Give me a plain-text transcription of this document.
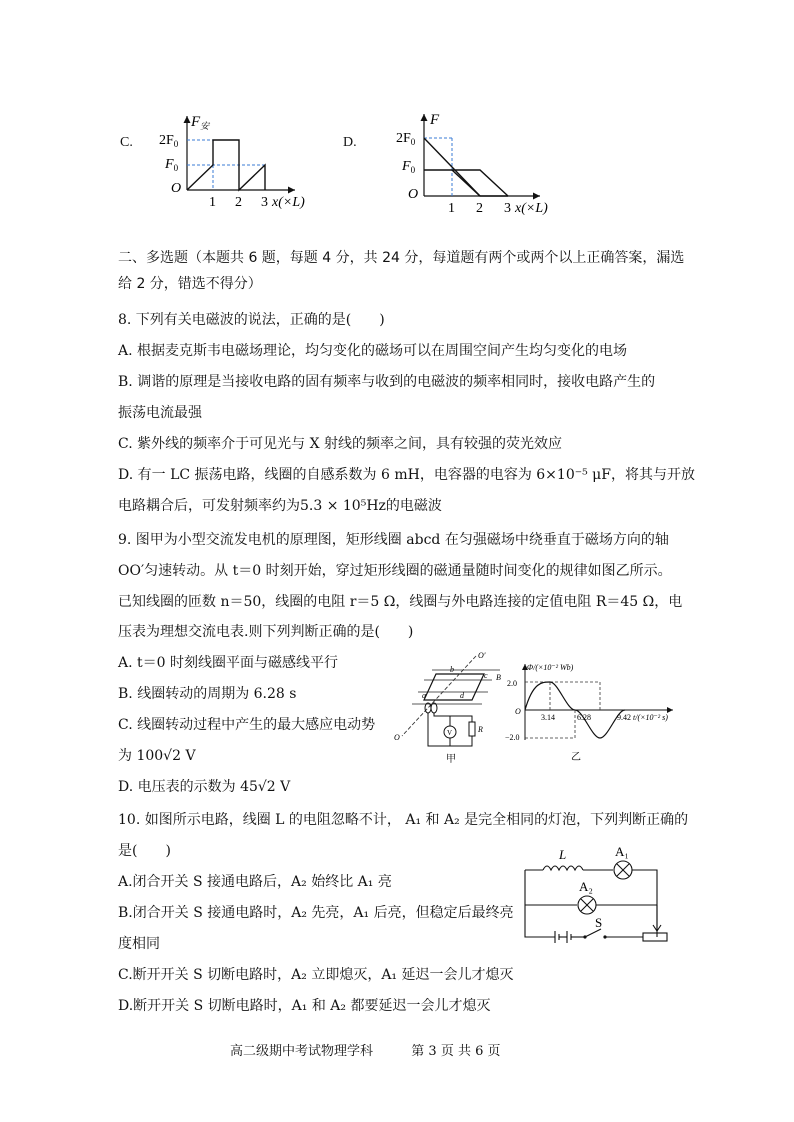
C.
$F_安$
$2F_0$
$F_0$
O
1 2 3 x(×L)
D.
F
$2F_0$
$F_0$
O
1 2 3 x(×L)
二、多选题（本题共 6 题，每题 4 分，共 24 分，每道题有两个或两个以上正确答案，漏选
给 2 分，错选不得分）
8. 下列有关电磁波的说法，正确的是(　　)
A. 根据麦克斯韦电磁场理论，均匀变化的磁场可以在周围空间产生均匀变化的电场
B. 调谐的原理是当接收电路的固有频率与收到的电磁波的频率相同时，接收电路产生的
振荡电流最强
C. 紫外线的频率介于可见光与 X 射线的频率之间，具有较强的荧光效应
D. 有一 LC 振荡电路，线圈的自感系数为 6 mH，电容器的电容为 6×10⁻⁵ μF，将其与开放
电路耦合后，可发射频率约为5.3 × 10⁵Hz的电磁波
9. 图甲为小型交流发电机的原理图，矩形线圈 abcd 在匀强磁场中绕垂直于磁场方向的轴
OO′匀速转动。从 t＝0 时刻开始，穿过矩形线圈的磁通量随时间变化的规律如图乙所示。
已知线圈的匝数 n＝50，线圈的电阻 r＝5 Ω，线圈与外电路连接的定值电阻 R＝45 Ω，电
压表为理想交流电表.则下列判断正确的是(　　)
A. t＝0 时刻线圈平面与磁感线平行
B. 线圈转动的周期为 6.28 s
C. 线圈转动过程中产生的最大感应电动势
为 100√2 V
D. 电压表的示数为 45√2 V
O′
b
c B
a	d
V	R
O
甲
Φ/(×10⁻² Wb)
2.0
−2.0
O
3.14	6.28	9.42 t/(×10⁻² s)
乙
10. 如图所示电路，线圈 L 的电阻忽略不计， A₁ 和 A₂ 是完全相同的灯泡，下列判断正确的
是(　　)
A.闭合开关 S 接通电路后，A₂ 始终比 A₁ 亮
B.闭合开关 S 接通电路时，A₂ 先亮，A₁ 后亮，但稳定后最终亮
度相同
C.断开开关 S 切断电路时，A₂ 立即熄灭，A₁ 延迟一会儿才熄灭
D.断开开关 S 切断电路时，A₁ 和 A₂ 都要延迟一会儿才熄灭
L	A₁
A₂
S
高二级期中考试物理学科	第 3 页 共 6 页
